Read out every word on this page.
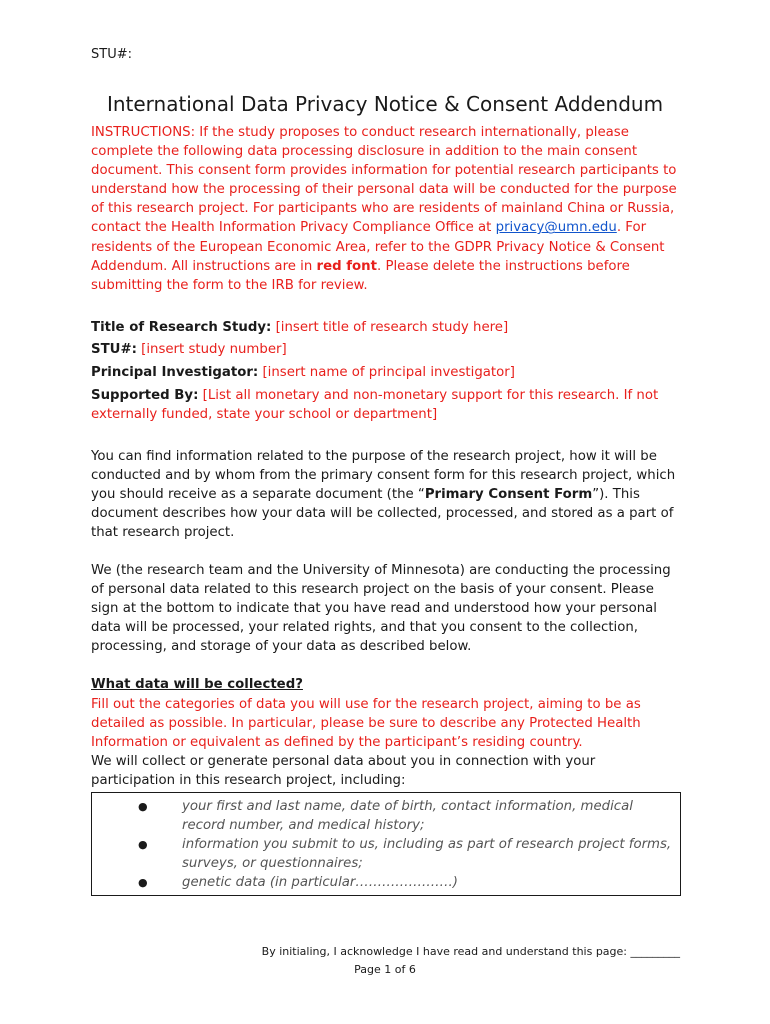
STU#:
International Data Privacy Notice & Consent Addendum

INSTRUCTIONS: If the study proposes to conduct research internationally, please complete the following data processing disclosure in addition to the main consent document. This consent form provides information for potential research participants to understand how the processing of their personal data will be conducted for the purpose of this research project. For participants who are residents of mainland China or Russia, contact the Health Information Privacy Compliance Office at privacy@umn.edu. For residents of the European Economic Area, refer to the GDPR Privacy Notice & Consent Addendum. All instructions are in red font. Please delete the instructions before submitting the form to the IRB for review.

Title of Research Study: [insert title of research study here]

STU#: [insert study number]

Principal Investigator: [insert name of principal investigator]

Supported By: [List all monetary and non-monetary support for this research. If not externally funded, state your school or department]

You can find information related to the purpose of the research project, how it will be conducted and by whom from the primary consent form for this research project, which you should receive as a separate document (the “Primary Consent Form”). This document describes how your data will be collected, processed, and stored as a part of that research project.

We (the research team and the University of Minnesota) are conducting the processing of personal data related to this research project on the basis of your consent. Please sign at the bottom to indicate that you have read and understood how your personal data will be processed, your related rights, and that you consent to the collection, processing, and storage of your data as described below.

What data will be collected?

Fill out the categories of data you will use for the research project, aiming to be as detailed as possible. In particular, please be sure to describe any Protected Health Information or equivalent as defined by the participant’s residing country.

We will collect or generate personal data about you in connection with your participation in this research project, including:

●	your first and last name, date of birth, contact information, medical record number, and medical history;
●	information you submit to us, including as part of research project forms, surveys, or questionnaires;
●	genetic data (in particular………………….)
By initialing, I acknowledge I have read and understand this page: _________
Page 1 of 6
